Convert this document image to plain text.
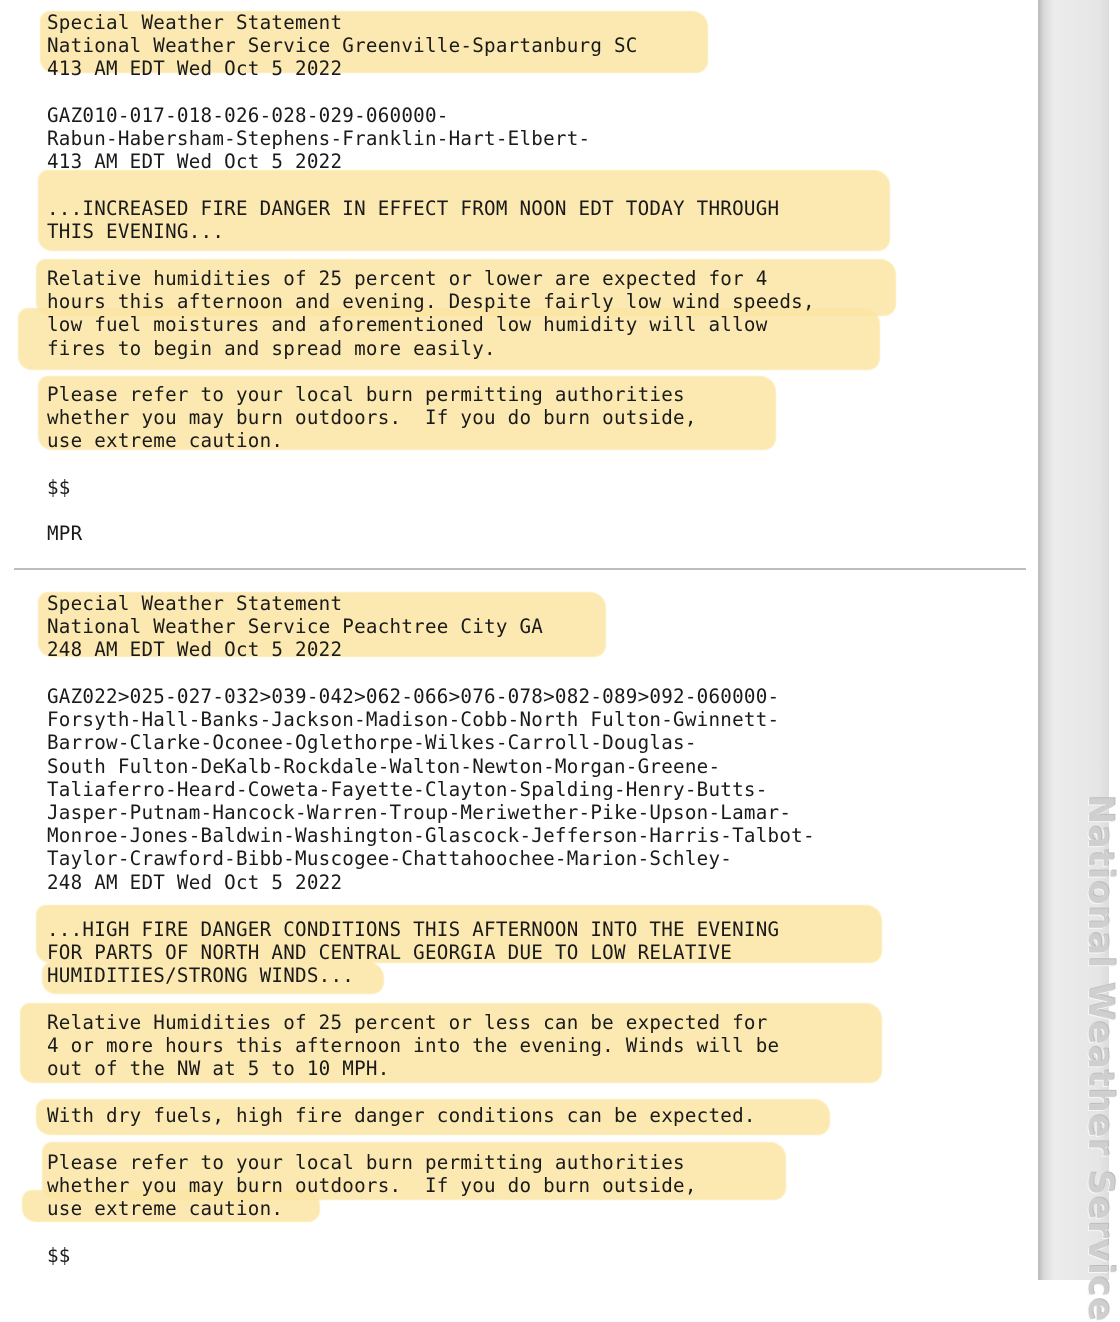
National Weather Service
Special Weather Statement
National Weather Service Greenville-Spartanburg SC
413 AM EDT Wed Oct 5 2022
GAZ010-017-018-026-028-029-060000-
Rabun-Habersham-Stephens-Franklin-Hart-Elbert-
413 AM EDT Wed Oct 5 2022
...INCREASED FIRE DANGER IN EFFECT FROM NOON EDT TODAY THROUGH
THIS EVENING...
Relative humidities of 25 percent or lower are expected for 4
hours this afternoon and evening. Despite fairly low wind speeds,
low fuel moistures and aforementioned low humidity will allow
fires to begin and spread more easily.
Please refer to your local burn permitting authorities
whether you may burn outdoors.  If you do burn outside,
use extreme caution.
$$
MPR
Special Weather Statement
National Weather Service Peachtree City GA
248 AM EDT Wed Oct 5 2022
GAZ022>025-027-032>039-042>062-066>076-078>082-089>092-060000-
Forsyth-Hall-Banks-Jackson-Madison-Cobb-North Fulton-Gwinnett-
Barrow-Clarke-Oconee-Oglethorpe-Wilkes-Carroll-Douglas-
South Fulton-DeKalb-Rockdale-Walton-Newton-Morgan-Greene-
Taliaferro-Heard-Coweta-Fayette-Clayton-Spalding-Henry-Butts-
Jasper-Putnam-Hancock-Warren-Troup-Meriwether-Pike-Upson-Lamar-
Monroe-Jones-Baldwin-Washington-Glascock-Jefferson-Harris-Talbot-
Taylor-Crawford-Bibb-Muscogee-Chattahoochee-Marion-Schley-
248 AM EDT Wed Oct 5 2022
...HIGH FIRE DANGER CONDITIONS THIS AFTERNOON INTO THE EVENING
FOR PARTS OF NORTH AND CENTRAL GEORGIA DUE TO LOW RELATIVE
HUMIDITIES/STRONG WINDS...
Relative Humidities of 25 percent or less can be expected for
4 or more hours this afternoon into the evening. Winds will be
out of the NW at 5 to 10 MPH.
With dry fuels, high fire danger conditions can be expected.
Please refer to your local burn permitting authorities
whether you may burn outdoors.  If you do burn outside,
use extreme caution.
$$
